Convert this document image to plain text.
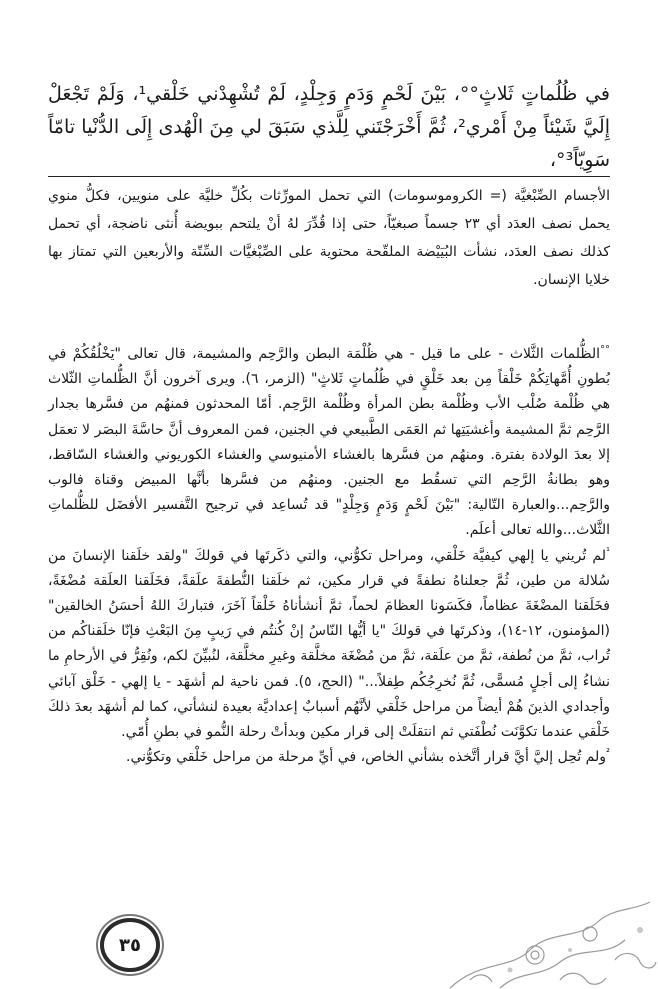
في ظُلُماتٍ ثَلاثٍ°°، بَيْنَ لَحْمٍ وَدَمٍ وَجِلْدٍ، لَمْ تُشْهِدْني خَلْقي¹، وَلَمْ تَجْعَلْ إِلَيَّ شَيْئاً مِنْ أَمْري²، ثُمَّ أَخْرَجْتَني لِلَّذي سَبَقَ لي مِنَ الْهُدى إِلَى الدُّنْيا تامّاً سَوِيّاً³°،
الأجسام الصِّبْغيَّة (= الكروموسومات) التي تحمل المورِّثات بكُلِّ خليَّة على منويين، فكلُّ منوي يحمل نصف العدَد أي ٢٣ جسماً صبغيّاً، حتى إذا قُدِّرَ لهُ أنْ يلتحم ببويضة أُنثى ناضجة، أي تحمل كذلك نصف العدَد، نشأت البُيَيْضة الملقّحة محتوية على الصِّبْغيَّات السِّتّة والأربعين التي تمتاز بها خلايا الإنسان.

°°الظُّلمات الثَّلاث - على ما قيل - هي ظُلْمَة البطن والرَّحِم والمشيمة، قال تعالى "يَخْلُقُكُمْ في بُطونِ أُمَّهاتِكُمْ خَلْقاً مِن بعد خَلْقٍ في ظُلُماتٍ ثَلاثٍ" (الزمر، ٦). ويرى آخرون أنَّ الظُّلماتِ الثّلاث هي ظُلْمة صُلْب الأب وظُلْمة بطن المرأة وظُلْمة الرَّحِم. أمّا المحدثون فمنهُم من فسَّرها بجدار الرَّحِم ثمَّ المشيمة وأغشيَتِها ثم العَمَى الطَّبيعي في الجنين، فمن المعروف أنَّ حاسَّةَ البصَر لا تعمَل إلا بعدَ الولادة بفترة. ومنهُم من فسَّرها بالغشاء الأمنيوسي والغشاء الكوريوني والغشاء السّاقط، وهو بطانةُ الرَّحِم التي تسقُط مع الجنين. ومنهُم من فسَّرها بأنَّها المبيض وقناة فالوب والرَّحِم...والعبارة التّالية: "بَيْنَ لَحْمٍ وَدَمٍ وَجِلْدٍ" قد تُساعِد في ترجيح التَّفسير الأفضَل للظُّلماتِ الثَّلاث...والله تعالى أعلَم.

$^{^1}$لم تُريني يا إلهي كيفيَّة خَلْقي، ومراحل تكوُّني، والتي ذكَرتَها في قولكَ "ولقد خلَقنا الإنسانَ من سُلالة من طين، ثُمَّ جعلناهُ نطفةً في قرار مكين، ثم خلَقنا النُّطفةَ علَقةً، فخَلَقنا العلَقة مُضْغَةً، فخَلَقنا المضْغَةَ عظاماً، فكَسَونا العظامَ لحماً، ثمَّ أنشأناهُ خَلْقاً آخَرَ، فتباركَ اللهُ أحسَنُ الخالقين" (المؤمنون، ١٢-١٤)، وذكرتَها في قولكَ "يا أيُّها النّاسُ إنْ كُنتُم في رَيبٍ مِنَ البَعْثِ فإنّا خلَقناكُم من تُراب، ثمَّ من نُطفة، ثمَّ من علَقة، ثمَّ من مُضْغَة مخلَّقة وغيرِ مخلَّقة، لنُبيِّنَ لكم، ونُقِرُّ في الأرحامِ ما نشاءُ إلى أجلٍ مُسمًّى، ثُمَّ نُخرِجُكُم طِفلاً..." (الحج، ٥). فمن ناحية لم أشهَد - يا إلهي - خَلْق آبائي وأجدادي الذينَ هُمْ أيضاً من مراحل خَلْقي لأنَّهُم أسبابٌ إعداديَّة بعيدة لنشأتي، كما لم أشهَد بعدَ ذلكَ خَلْقي عندما تكوَّنَت نُطْفَتي ثم انتقلَتْ إلى قرار مكين وبدأتْ رحلة النُّمو في بطنِ أُمّي.

$^{^2}$ولم تُحِل إليَّ أيَّ قرار أتَّخذه بشأني الخاص، في أيِّ مرحلة من مراحل خَلْقي وتكوُّني.

٣٥
